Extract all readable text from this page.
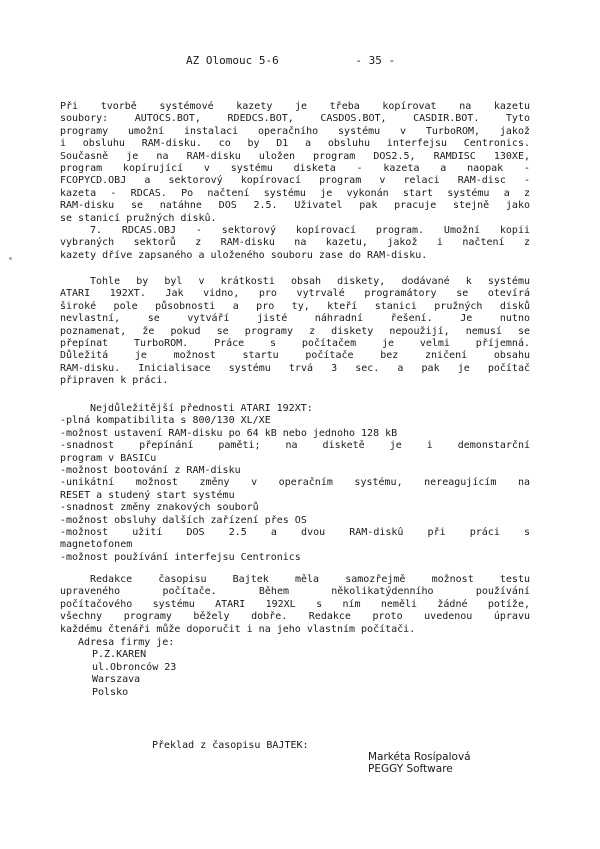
AZ Olomouc 5-6	- 35 -
Při tvorbě systémové kazety je třeba kopírovat na kazetu
soubory: AUTOCS.BOT, RDEDCS.BOT, CASDOS.BOT, CASDIR.BOT. Tyto
programy umožní instalaci operačního systému v TurboROM, jakož
i obsluhu RAM-disku. co by D1 a obsluhu interfejsu Centronics.
Současně je na RAM-disku uložen program DOS2.5, RAMDISC 130XE,
program kopírující v systému disketa - kazeta a naopak -
FCOPYCD.OBJ a sektorový kopírovací program v relaci RAM-disc -
kazeta - RDCAS. Po načtení systému je vykonán start systému a z
RAM-disku se natáhne DOS 2.5. Uživatel pak pracuje stejně jako
se stanicí pružných diskû.
7. RDCAS.OBJ - sektorový kopírovací program. Umožní kopii
vybraných sektorů z RAM-disku na kazetu, jakož i načtení z
kazety dříve zapsaného a uloženého souboru zase do RAM-disku.
Tohle by byl v krátkosti obsah diskety, dodávané k systému
ATARI 192XT. Jak vidno, pro vytrvalé programátory se otevírá
široké pole působnosti a pro ty, kteří stanici pružných disků
nevlastní, se vytváří jisté náhradní řešení. Je nutno
poznamenat, že pokud se programy z diskety nepoužijí, nemusí se
přepínat TurboROM. Práce s počítačem je velmi příjemná.
Důležitá je možnost startu počítače bez zničení obsahu
RAM-disku. Inicialisace systému trvá 3 sec. a pak je počítač
připraven k práci.
Nejdůležitější přednosti ATARI 192XT:
-plná kompatibilita s 800/130 XL/XE
-možnost ustavení RAM-disku po 64 kB nebo jednoho 128 kB
-snadnost přepínání paměti; na disketě je i demonstarční
program v BASICu
-možnost bootování z RAM-disku
-unikátní možnost změny v operačním systému, nereagujícím na
RESET a studený start systému
-snadnost změny znakových souborů
-možnost obsluhy dalších zařízení přes OS
-možnost užití DOS 2.5 a dvou RAM-diskû při práci s
magnetofonem
-možnost používání interfejsu Centronics
Redakce časopisu Bajtek měla samozřejmě možnost testu
upraveného počítače. Během několikatýdenního používání
počítačového systému ATARI 192XL s ním neměli žádné potíže,
všechny programy běžely dobře. Redakce proto uvedenou úpravu
každému čtenáři může doporučit i na jeho vlastním počítači.
Adresa firmy je:
P.Z.KAREN
ul.Obronców 23
Warszava
Polsko
Překlad z časopisu BAJTEK:
Markéta Rosípalová
PEGGY Software
